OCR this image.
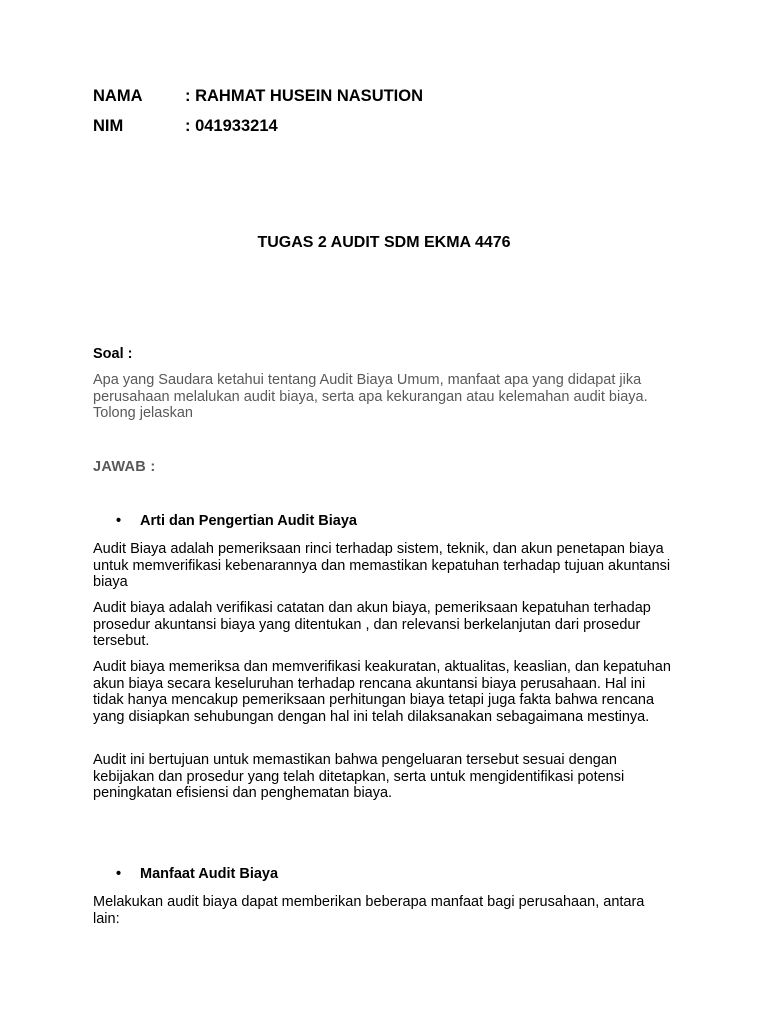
NAMA	: RAHMAT HUSEIN NASUTION
NIM	: 041933214
TUGAS 2 AUDIT SDM EKMA 4476
Soal :
Apa yang Saudara ketahui tentang Audit Biaya Umum, manfaat apa yang didapat jika perusahaan melalukan audit biaya, serta apa kekurangan atau kelemahan audit biaya. Tolong jelaskan
JAWAB :
• Arti dan Pengertian Audit Biaya
Audit Biaya adalah pemeriksaan rinci terhadap sistem, teknik, dan akun penetapan biaya untuk memverifikasi kebenarannya dan memastikan kepatuhan terhadap tujuan akuntansi biaya
Audit biaya adalah verifikasi catatan dan akun biaya, pemeriksaan kepatuhan terhadap prosedur akuntansi biaya yang ditentukan , dan relevansi berkelanjutan dari prosedur tersebut.
Audit biaya memeriksa dan memverifikasi keakuratan, aktualitas, keaslian, dan kepatuhan akun biaya secara keseluruhan terhadap rencana akuntansi biaya perusahaan. Hal ini tidak hanya mencakup pemeriksaan perhitungan biaya tetapi juga fakta bahwa rencana yang disiapkan sehubungan dengan hal ini telah dilaksanakan sebagaimana mestinya.
Audit ini bertujuan untuk memastikan bahwa pengeluaran tersebut sesuai dengan kebijakan dan prosedur yang telah ditetapkan, serta untuk mengidentifikasi potensi peningkatan efisiensi dan penghematan biaya.
• Manfaat Audit Biaya
Melakukan audit biaya dapat memberikan beberapa manfaat bagi perusahaan, antara lain:
